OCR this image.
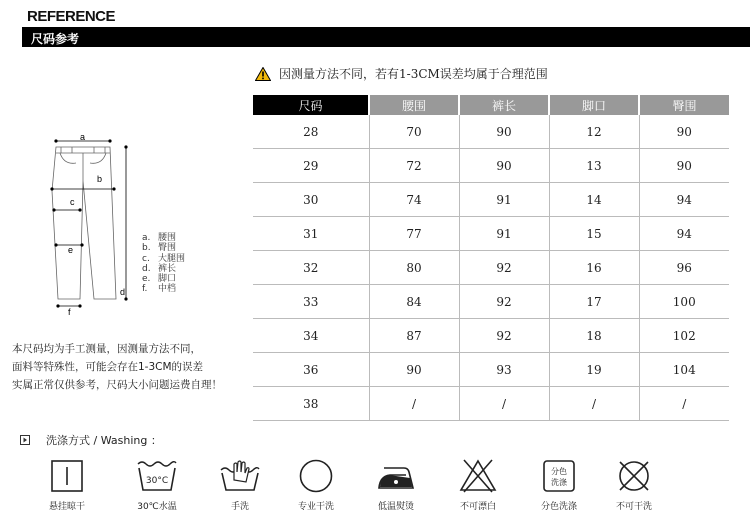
REFERENCE
尺码参考
因测量方法不同，若有1-3CM误差均属于合理范围
尺码	腰围	裤长	脚口	臀围
28	70	90	12	90
29	72	90	13	90
30	74	91	14	94
31	77	91	15	94
32	80	92	16	96
33	84	92	17	100
34	87	92	18	102
36	90	93	19	104
38	/	/	/	/
a
b
c
d
e
f
a. 腰围
b. 臀围
c. 大腿围
d. 裤长
e. 脚口
f. 中档
本尺码均为手工测量，因测量方法不同，
面料等特殊性，可能会存在1-3CM的误差
实属正常仅供参考，尺码大小问题运费自理！
洗涤方式 / Washing ：
悬挂晾干
30°C
30℃水温	手洗	专业干洗	低温熨烫	不可漂白
分色
洗涤
分色洗涤	不可干洗
